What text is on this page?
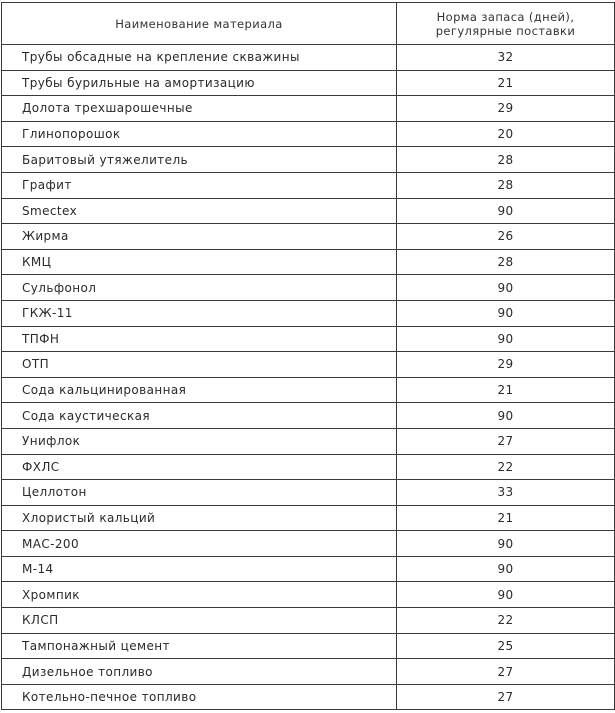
Наименование материала	Норма запаса (дней),
регулярные поставки
Трубы обсадные на крепление скважины	32
Трубы бурильные на амортизацию	21
Долота трехшарошечные	29
Глинопорошок	20
Баритовый утяжелитель	28
Графит	28
Smectex	90
Жирма	26
КМЦ	28
Сульфонол	90
ГКЖ-11	90
ТПФН	90
ОТП	29
Сода кальцинированная	21
Сода каустическая	90
Унифлок	27
ФХЛС	22
Целлотон	33
Хлористый кальций	21
МАС-200	90
М-14	90
Хромпик	90
КЛСП	22
Тампонажный цемент	25
Дизельное топливо	27
Котельно-печное топливо	27
